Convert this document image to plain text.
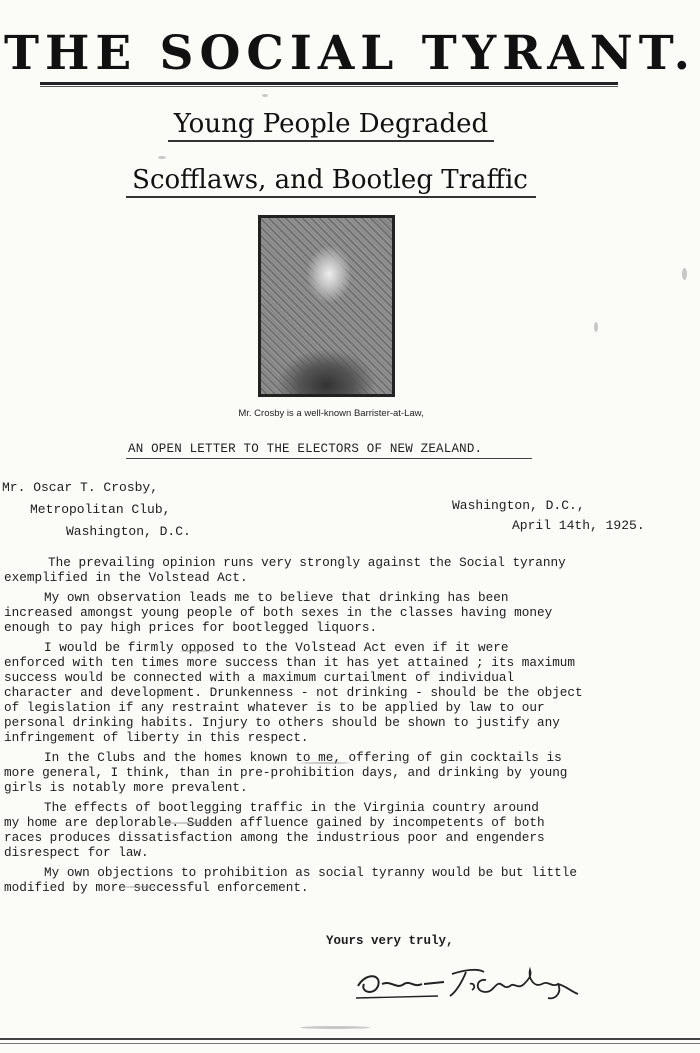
THE SOCIAL TYRANT.
Young People Degraded
Scofflaws, and Bootleg Traffic
Mr. Crosby is a well-known Barrister-at-Law,
AN OPEN LETTER TO THE ELECTORS OF NEW ZEALAND.
Mr. Oscar T. Crosby,
Metropolitan Club,
Washington, D.C.
Washington, D.C.,
April 14th, 1925.

The prevailing opinion runs very strongly against the Social tyranny
exemplified in the Volstead Act.

My own observation leads me to believe that drinking has been
increased amongst young people of both sexes in the classes having money
enough to pay high prices for bootlegged liquors.

I would be firmly opposed to the Volstead Act even if it were
enforced with ten times more success than it has yet attained ; its maximum
success would be connected with a maximum curtailment of individual
character and development. Drunkenness - not drinking - should be the object
of legislation if any restraint whatever is to be applied by law to our
personal drinking habits. Injury to others should be shown to justify any
infringement of liberty in this respect.

In the Clubs and the homes known to me, offering of gin cocktails is
more general, I think, than in pre-prohibition days, and drinking by young
girls is notably more prevalent.

The effects of bootlegging traffic in the Virginia country around
my home are deplorable. Sudden affluence gained by incompetents of both
races produces dissatisfaction among the industrious poor and engenders
disrespect for law.

My own objections to prohibition as social tyranny would be but little
modified by more successful enforcement.

Yours very truly,
